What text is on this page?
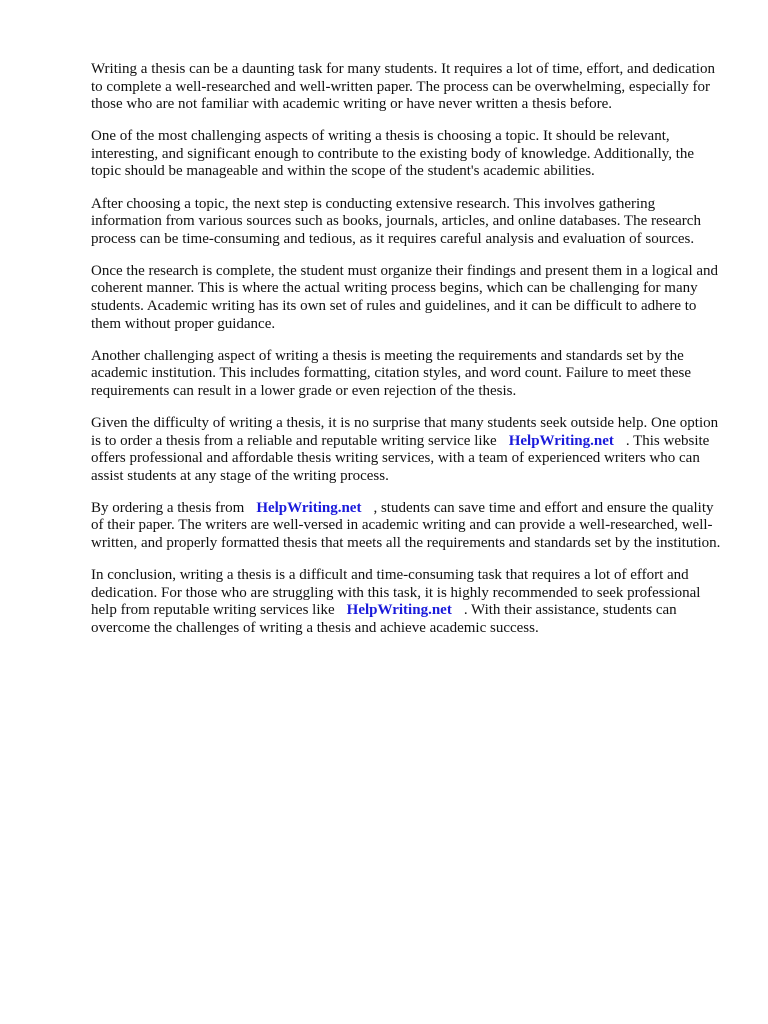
Writing a thesis can be a daunting task for many students. It requires a lot of time, effort, and dedication to complete a well-researched and well-written paper. The process can be overwhelming, especially for those who are not familiar with academic writing or have never written a thesis before.

One of the most challenging aspects of writing a thesis is choosing a topic. It should be relevant, interesting, and significant enough to contribute to the existing body of knowledge. Additionally, the topic should be manageable and within the scope of the student's academic abilities.

After choosing a topic, the next step is conducting extensive research. This involves gathering information from various sources such as books, journals, articles, and online databases. The research process can be time-consuming and tedious, as it requires careful analysis and evaluation of sources.

Once the research is complete, the student must organize their findings and present them in a logical and coherent manner. This is where the actual writing process begins, which can be challenging for many students. Academic writing has its own set of rules and guidelines, and it can be difficult to adhere to them without proper guidance.

Another challenging aspect of writing a thesis is meeting the requirements and standards set by the academic institution. This includes formatting, citation styles, and word count. Failure to meet these requirements can result in a lower grade or even rejection of the thesis.

Given the difficulty of writing a thesis, it is no surprise that many students seek outside help. One option is to order a thesis from a reliable and reputable writing service like HelpWriting.net . This website offers professional and affordable thesis writing services, with a team of experienced writers who can assist students at any stage of the writing process.

By ordering a thesis from HelpWriting.net , students can save time and effort and ensure the quality of their paper. The writers are well-versed in academic writing and can provide a well-researched, well-written, and properly formatted thesis that meets all the requirements and standards set by the institution.

In conclusion, writing a thesis is a difficult and time-consuming task that requires a lot of effort and dedication. For those who are struggling with this task, it is highly recommended to seek professional help from reputable writing services like HelpWriting.net . With their assistance, students can overcome the challenges of writing a thesis and achieve academic success.
